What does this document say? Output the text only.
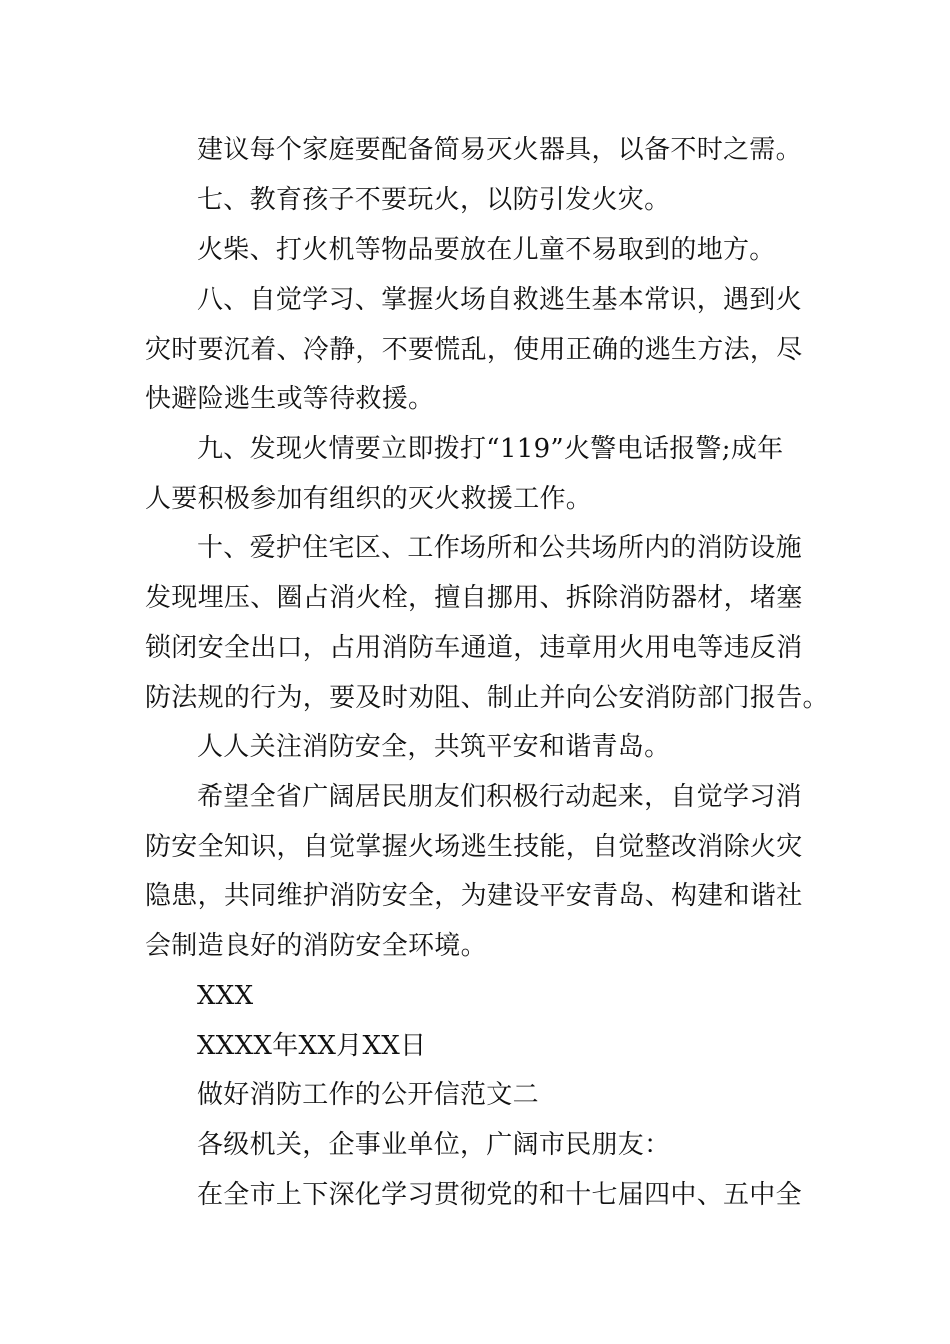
建议每个家庭要配备简易灭火器具，以备不时之需。
七、教育孩子不要玩火，以防引发火灾。
火柴、打火机等物品要放在儿童不易取到的地方。
八、自觉学习、掌握火场自救逃生基本常识，遇到火
灾时要沉着、冷静，不要慌乱，使用正确的逃生方法，尽
快避险逃生或等待救援。
九、发现火情要立即拨打“119”火警电话报警;成年
人要积极参加有组织的灭火救援工作。
十、爱护住宅区、工作场所和公共场所内的消防设施
发现埋压、圈占消火栓，擅自挪用、拆除消防器材，堵塞
锁闭安全出口，占用消防车通道，违章用火用电等违反消
防法规的行为，要及时劝阻、制止并向公安消防部门报告。
人人关注消防安全，共筑平安和谐青岛。
希望全省广阔居民朋友们积极行动起来，自觉学习消
防安全知识，自觉掌握火场逃生技能，自觉整改消除火灾
隐患，共同维护消防安全，为建设平安青岛、构建和谐社
会制造良好的消防安全环境。
XXX
XXXX年XX月XX日
做好消防工作的公开信范文二
各级机关，企事业单位，广阔市民朋友：
在全市上下深化学习贯彻党的和十七届四中、五中全
